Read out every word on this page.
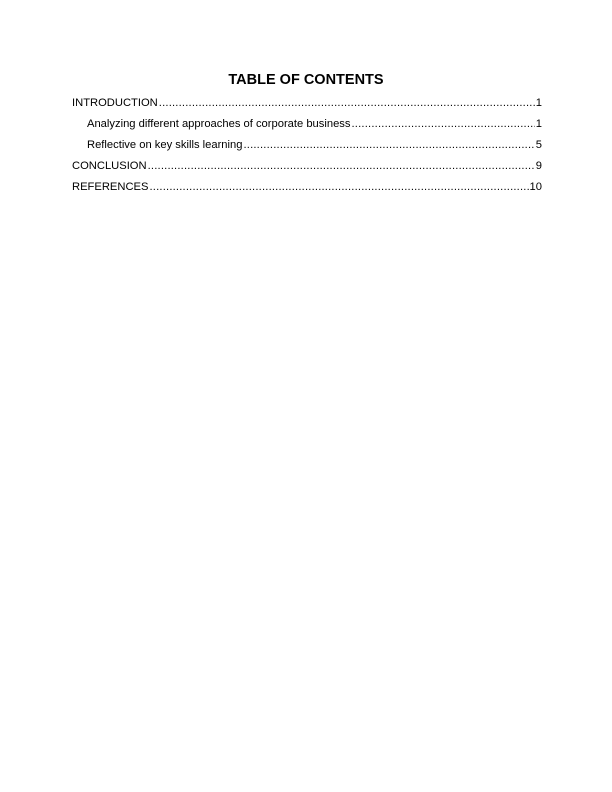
TABLE OF CONTENTS
INTRODUCTION .....	1
Analyzing different approaches of corporate business .....	1
Reflective on key skills learning .....	5
CONCLUSION .....	9
REFERENCES .....	10
